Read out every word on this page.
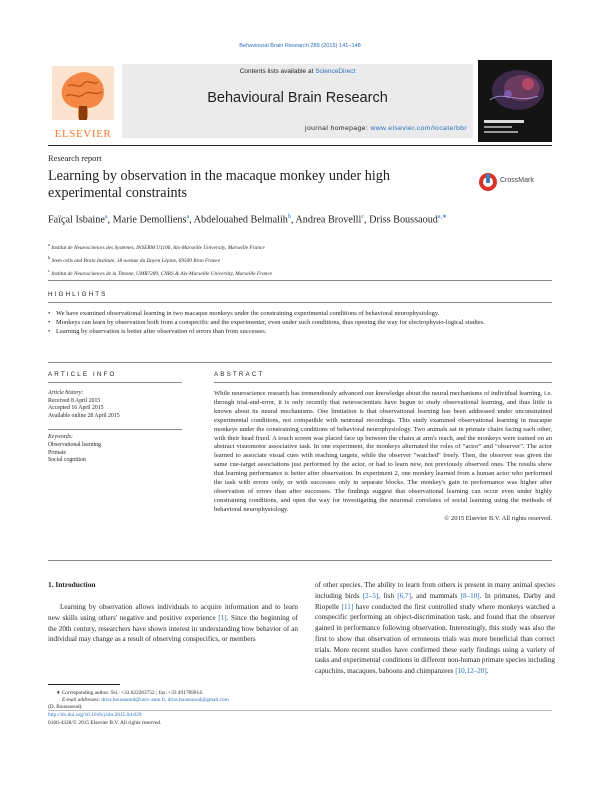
Behavioural Brain Research 289 (2015) 141–148
ELSEVIER
Contents lists available at ScienceDirect
Behavioural Brain Research
journal homepage: www.elsevier.com/locate/bbr
Research report
Learning by observation in the macaque monkey under high experimental constraints
CrossMark
Faïçal Isbaine$^a$, Marie Demolliens$^a$, Abdelouahed Belmalih$^b$, Andrea Brovelli$^c$, Driss Boussaoud$^{a,∗}$
$^a$ Institut de Neurosciences des Systèmes, INSERM U1106, Aix-Marseille University, Marseille France
$^b$ Stem cells and Brain Institute, 18 avenue du Doyen Lépine, 69500 Bron France
$^c$ Institut de Neurosciences de la Timone, UMR7289, CNRS & Aix-Marseille University, Marseille France
HIGHLIGHTS
• We have examined observational learning in two macaque monkeys under the constraining experimental conditions of behavioral neurophysiology.
• Monkeys can learn by observation both from a conspecific and the experimenter, even under such conditions, thus opening the way for electrophysio-logical studies.
• Learning by observation is better after observation of errors than from successes.
ARTICLE INFO
Article history:
Received 8 April 2015
Accepted 16 April 2015
Available online 28 April 2015
Keywords:
Observational learning
Primate
Social cognition
ABSTRACT
While neuroscience research has tremendously advanced our knowledge about the neural mechanisms of individual learning, i.e. through trial-and-error, it is only recently that neuroscientists have begun to study observational learning, and thus little is known about its neural mechanisms. One limitation is that observational learning has been addressed under unconstrained experimental conditions, not compatible with neuronal recordings. This study examined observational learning in macaque monkeys under the constraining conditions of behavioral neurophysiology. Two animals sat in primate chairs facing each other, with their head fixed. A touch screen was placed face up between the chairs at arm's reach, and the monkeys were trained on an abstract visuomotor associative task. In one experiment, the monkeys alternated the roles of "actor" and "observer". The actor learned to associate visual cues with reaching targets, while the observer "watched" freely. Then, the observer was given the same cue-target associations just performed by the actor, or had to learn new, not previously observed ones. The results show that learning performance is better after observation. In experiment 2, one monkey learned from a human actor who performed the task with errors only, or with successes only in separate blocks. The monkey's gain in performance was higher after observation of errors than after successes. The findings suggest that observational learning can occur even under highly constraining conditions, and open the way for investigating the neuronal correlates of social learning using the methods of behavioral neurophysiology.
© 2015 Elsevier B.V. All rights reserved.
1. Introduction
Learning by observation allows individuals to acquire information and to learn new skills using others' negative and positive experience [1]. Since the beginning of the 20th century, researchers have shown interest in understanding how behavior of an individual may change as a result of observing conspecifics, or members
of other species. The ability to learn from others is present in many animal species including birds [2–5], fish [6,7], and mammals [8–10]. In primates, Darby and Riopelle [11] have conducted the first controlled study where monkeys watched a conspecific performing an object-discrimination task, and found that the observer gained in performance following observation. Interestingly, this study was also the first to show that observation of erroneous trials was more beneficial than correct trials. More recent studies have confirmed these early findings using a variety of tasks and experimental conditions in different non-human primate species including capuchins, macaques, baboons and chimpanzees [10,12–20].
∗ Corresponding author. Tel.: +33 622263752 ; fax: +33 491789914.
E-mail addresses: driss.boussaoud@univ-amu.fr, driss.boussaoud@gmail.com
(D. Boussaoud).
http://dx.doi.org/10.1016/j.bbr.2015.04.029
0166-4328/© 2015 Elsevier B.V. All rights reserved.
